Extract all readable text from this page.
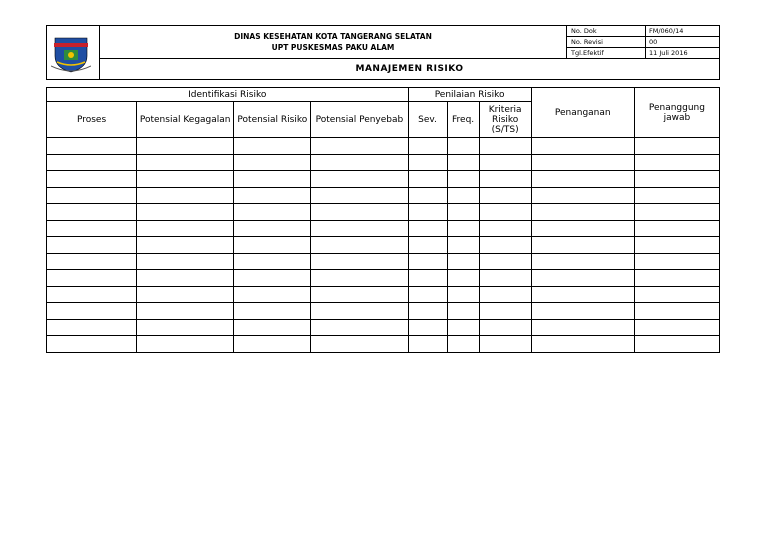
DINAS KESEHATAN KOTA TANGERANG SELATAN
UPT PUSKESMAS PAKU ALAM	No. Dok	FM/060/14
		No. Revisi	00
		Tgl.Efektif	11 Juli 2016
	MANAJEMEN RISIKO		
Identifikasi Risiko				Penilaian Risiko			Penanganan	Penanggung jawab
Proses	Potensial Kegagalan	Potensial Risiko	Potensial Penyebab	Sev.	Freq.	Kriteria Risiko (S/TS)		
